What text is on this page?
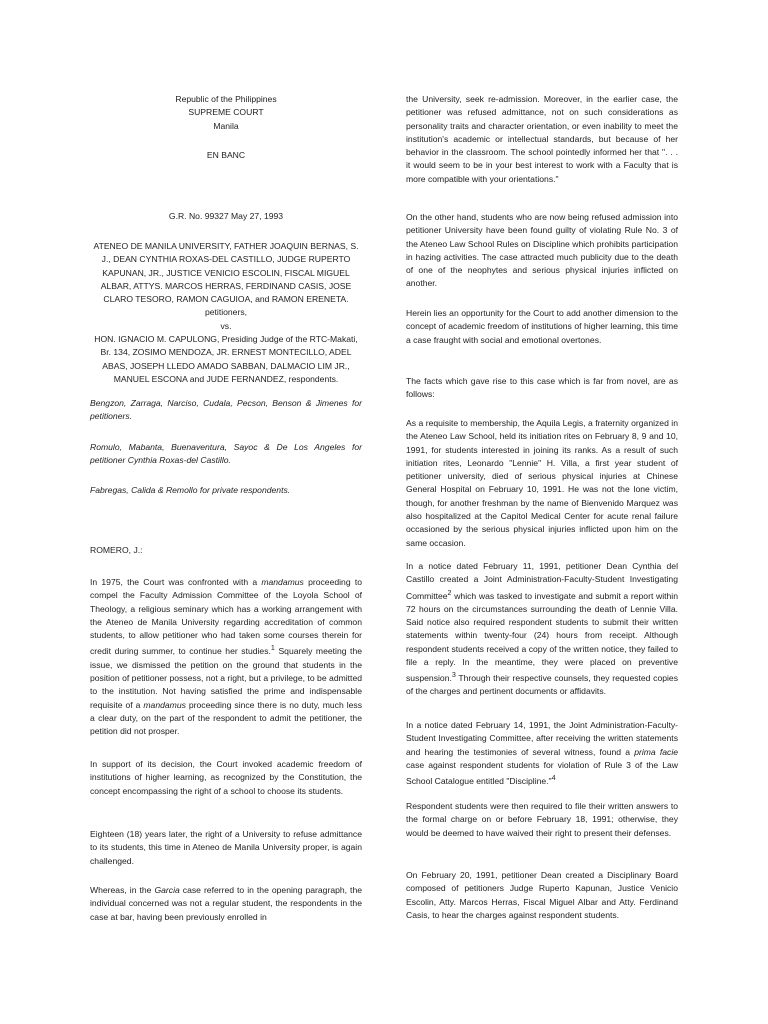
Republic of the Philippines
SUPREME COURT
Manila
EN BANC
G.R. No. 99327 May 27, 1993
ATENEO DE MANILA UNIVERSITY, FATHER JOAQUIN BERNAS, S. J., DEAN CYNTHIA ROXAS-DEL CASTILLO, JUDGE RUPERTO KAPUNAN, JR., JUSTICE VENICIO ESCOLIN, FISCAL MIGUEL ALBAR, ATTYS. MARCOS HERRAS, FERDINAND CASIS, JOSE CLARO TESORO, RAMON CAGUIOA, and RAMON ERENETA.
petitioners,
vs.
HON. IGNACIO M. CAPULONG, Presiding Judge of the RTC-Makati, Br. 134, ZOSIMO MENDOZA, JR. ERNEST MONTECILLO, ADEL ABAS, JOSEPH LLEDO AMADO SABBAN, DALMACIO LIM JR., MANUEL ESCONA and JUDE FERNANDEZ, respondents.

Bengzon, Zarraga, Narciso, Cudala, Pecson, Benson & Jimenes for petitioners.

Romulo, Mabanta, Buenaventura, Sayoc & De Los Angeles for petitioner Cynthia Roxas-del Castillo.

Fabregas, Calida & Remollo for private respondents.

ROMERO, J.:

In 1975, the Court was confronted with a mandamus proceeding to compel the Faculty Admission Committee of the Loyola School of Theology, a religious seminary which has a working arrangement with the Ateneo de Manila University regarding accreditation of common students, to allow petitioner who had taken some courses therein for credit during summer, to continue her studies.$^1$ Squarely meeting the issue, we dismissed the petition on the ground that students in the position of petitioner possess, not a right, but a privilege, to be admitted to the institution. Not having satisfied the prime and indispensable requisite of a mandamus proceeding since there is no duty, much less a clear duty, on the part of the respondent to admit the petitioner, the petition did not prosper.

In support of its decision, the Court invoked academic freedom of institutions of higher learning, as recognized by the Constitution, the concept encompassing the right of a school to choose its students.

Eighteen (18) years later, the right of a University to refuse admittance to its students, this time in Ateneo de Manila University proper, is again challenged.

Whereas, in the Garcia case referred to in the opening paragraph, the individual concerned was not a regular student, the respondents in the case at bar, having been previously enrolled in

the University, seek re-admission. Moreover, in the earlier case, the petitioner was refused admittance, not on such considerations as personality traits and character orientation, or even inability to meet the institution's academic or intellectual standards, but because of her behavior in the classroom. The school pointedly informed her that ". . . it would seem to be in your best interest to work with a Faculty that is more compatible with your orientations."

On the other hand, students who are now being refused admission into petitioner University have been found guilty of violating Rule No. 3 of the Ateneo Law School Rules on Discipline which prohibits participation in hazing activities. The case attracted much publicity due to the death of one of the neophytes and serious physical injuries inflicted on another.

Herein lies an opportunity for the Court to add another dimension to the concept of academic freedom of institutions of higher learning, this time a case fraught with social and emotional overtones.

The facts which gave rise to this case which is far from novel, are as follows:

As a requisite to membership, the Aquila Legis, a fraternity organized in the Ateneo Law School, held its initiation rites on February 8, 9 and 10, 1991, for students interested in joining its ranks. As a result of such initiation rites, Leonardo "Lennie" H. Villa, a first year student of petitioner university, died of serious physical injuries at Chinese General Hospital on February 10, 1991. He was not the lone victim, though, for another freshman by the name of Bienvenido Marquez was also hospitalized at the Capitol Medical Center for acute renal failure occasioned by the serious physical injuries inflicted upon him on the same occasion.

In a notice dated February 11, 1991, petitioner Dean Cynthia del Castillo created a Joint Administration-Faculty-Student Investigating Committee$^2$ which was tasked to investigate and submit a report within 72 hours on the circumstances surrounding the death of Lennie Villa. Said notice also required respondent students to submit their written statements within twenty-four (24) hours from receipt. Although respondent students received a copy of the written notice, they failed to file a reply. In the meantime, they were placed on preventive suspension.$^3$ Through their respective counsels, they requested copies of the charges and pertinent documents or affidavits.

In a notice dated February 14, 1991, the Joint Administration-Faculty-Student Investigating Committee, after receiving the written statements and hearing the testimonies of several witness, found a prima facie case against respondent students for violation of Rule 3 of the Law School Catalogue entitled "Discipline."$^4$

Respondent students were then required to file their written answers to the formal charge on or before February 18, 1991; otherwise, they would be deemed to have waived their right to present their defenses.

On February 20, 1991, petitioner Dean created a Disciplinary Board composed of petitioners Judge Ruperto Kapunan, Justice Venicio Escolin, Atty. Marcos Herras, Fiscal Miguel Albar and Atty. Ferdinand Casis, to hear the charges against respondent students.
